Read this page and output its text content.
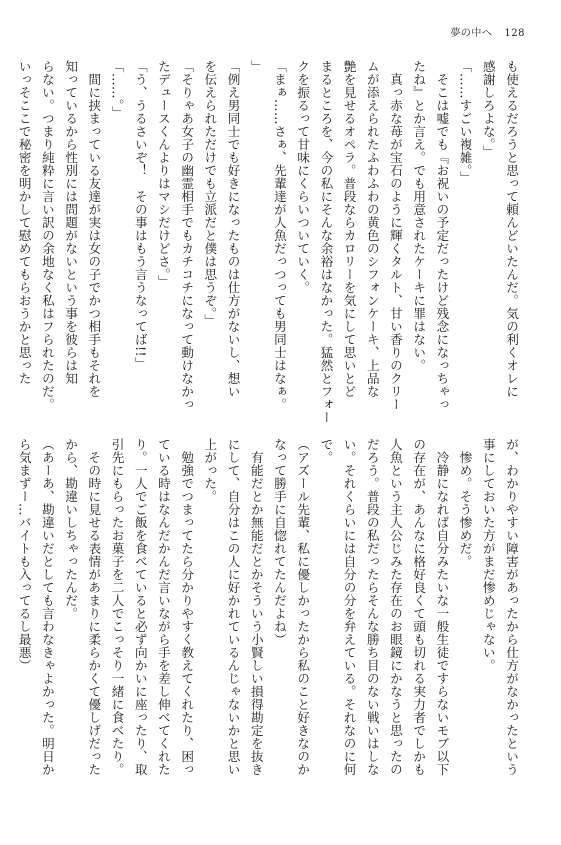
夢の中へ 128
も使えるだろうと思って頼んどいたんだ。気の利くオレに
感謝しろよな。」
「……すごい複雑。」
　そこは嘘でも『お祝いの予定だったけど残念になっちゃっ
たね』とか言え。でも用意されたケーキに罪はない。
　真っ赤な苺が宝石のように輝くタルト、甘い香りのクリー
ムが添えられたふわふわの黄色のシフォンケーキ、上品な
艶を見せるオペラ。普段ならカロリーを気にして思いとど
まるところを、今の私にそんな余裕はなかった。猛然とフォー
クを振るって甘味にくらいついていく。
「まぁ……さぁ、先輩達が人魚だっつっても男同士はなぁ。
」
「例え男同士でも好きになったものは仕方がないし、想い
を伝えられただけでも立派だと僕は思うぞ。」
「そりゃあ女子の幽霊相手でもカチコチになって動けなかっ
たデュースくんよりはマシだけどさ。」
「う、うるさいぞ！　その事はもう言うなってば!!」
「……。」
　間に挟まっている友達が実は女の子でかつ相手もそれを
知っているから性別には問題がないという事を彼らは知
らない。つまり純粋に言い訳の余地なく私はフられたのだ。
いっそここで秘密を明かして慰めてもらおうかと思った
が、わかりやすい障害があったから仕方がなかったという
事にしておいた方がまだ惨めじゃない。
　惨め。そう惨めだ。
　冷静になれば自分みたいな一般生徒ですらないモブ以下
の存在が、あんなに格好良くて頭も切れる実力者でしかも
人魚という主人公じみた存在のお眼鏡にかなうと思ったの
だろう。普段の私だったらそんな勝ち目のない戦いはしな
い。それくらいには自分の分を弁えている。それなのに何
で。
（アズール先輩、私に優しかったから私のこと好きなのか
なって勝手に自惚れてたんだよね）
　有能だとか無能だとかそういう小賢しい損得勘定を抜き
にして、自分はこの人に好かれているんじゃないかと思い
上がった。
　勉強でつまってたら分かりやすく教えてくれたり、困っ
ている時はなんだかんだ言いながら手を差し伸べてくれた
り。一人でご飯を食べていると必ず向かいに座ったり、取
引先にもらったお菓子を二人でこっそり一緒に食べたり。
　その時に見せる表情があまりに柔らかくて優しげだった
から、勘違いしちゃったんだ。
（あーあ、勘違いだとしても言わなきゃよかった。明日か
ら気まずー…バイトも入ってるし最悪）
